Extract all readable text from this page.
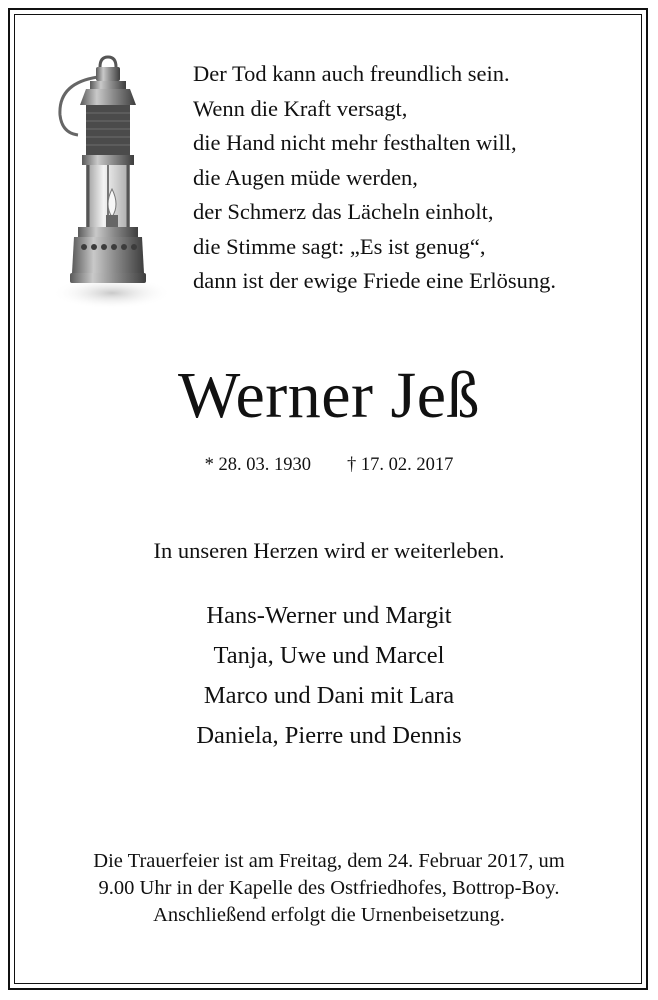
Der Tod kann auch freundlich sein.
Wenn die Kraft versagt,
die Hand nicht mehr festhalten will,
die Augen müde werden,
der Schmerz das Lächeln einholt,
die Stimme sagt: „Es ist genug“,
dann ist der ewige Friede eine Erlösung.
Werner Jeß
* 28. 03. 1930 † 17. 02. 2017
In unseren Herzen wird er weiterleben.
Hans-Werner und Margit
Tanja, Uwe und Marcel
Marco und Dani mit Lara
Daniela, Pierre und Dennis
Die Trauerfeier ist am Freitag, dem 24. Februar 2017, um
9.00 Uhr in der Kapelle des Ostfriedhofes, Bottrop-Boy.
Anschließend erfolgt die Urnenbeisetzung.
